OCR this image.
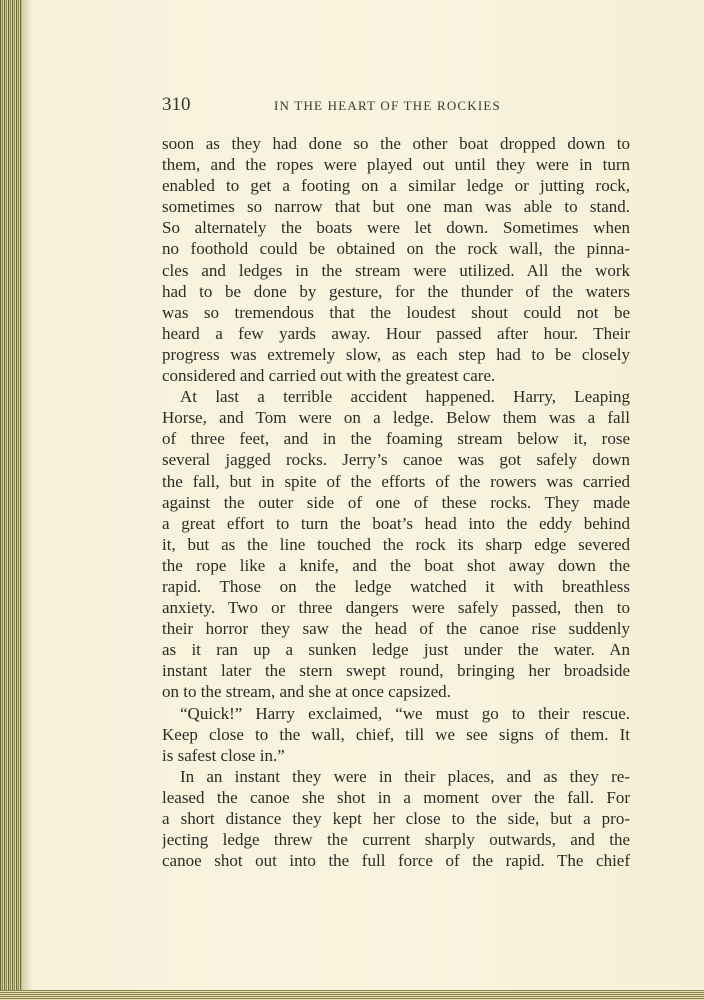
310	IN THE HEART OF THE ROCKIES
soon as they had done so the other boat dropped down to
them, and the ropes were played out until they were in turn
enabled to get a footing on a similar ledge or jutting rock,
sometimes so narrow that but one man was able to stand.
So alternately the boats were let down. Sometimes when
no foothold could be obtained on the rock wall, the pinna-
cles and ledges in the stream were utilized. All the work
had to be done by gesture, for the thunder of the waters
was so tremendous that the loudest shout could not be
heard a few yards away. Hour passed after hour. Their
progress was extremely slow, as each step had to be closely
considered and carried out with the greatest care.
At last a terrible accident happened. Harry, Leaping
Horse, and Tom were on a ledge. Below them was a fall
of three feet, and in the foaming stream below it, rose
several jagged rocks. Jerry’s canoe was got safely down
the fall, but in spite of the efforts of the rowers was carried
against the outer side of one of these rocks. They made
a great effort to turn the boat’s head into the eddy behind
it, but as the line touched the rock its sharp edge severed
the rope like a knife, and the boat shot away down the
rapid. Those on the ledge watched it with breathless
anxiety. Two or three dangers were safely passed, then to
their horror they saw the head of the canoe rise suddenly
as it ran up a sunken ledge just under the water. An
instant later the stern swept round, bringing her broadside
on to the stream, and she at once capsized.
“Quick!” Harry exclaimed, “we must go to their rescue.
Keep close to the wall, chief, till we see signs of them. It
is safest close in.”
In an instant they were in their places, and as they re-
leased the canoe she shot in a moment over the fall. For
a short distance they kept her close to the side, but a pro-
jecting ledge threw the current sharply outwards, and the
canoe shot out into the full force of the rapid. The chief
